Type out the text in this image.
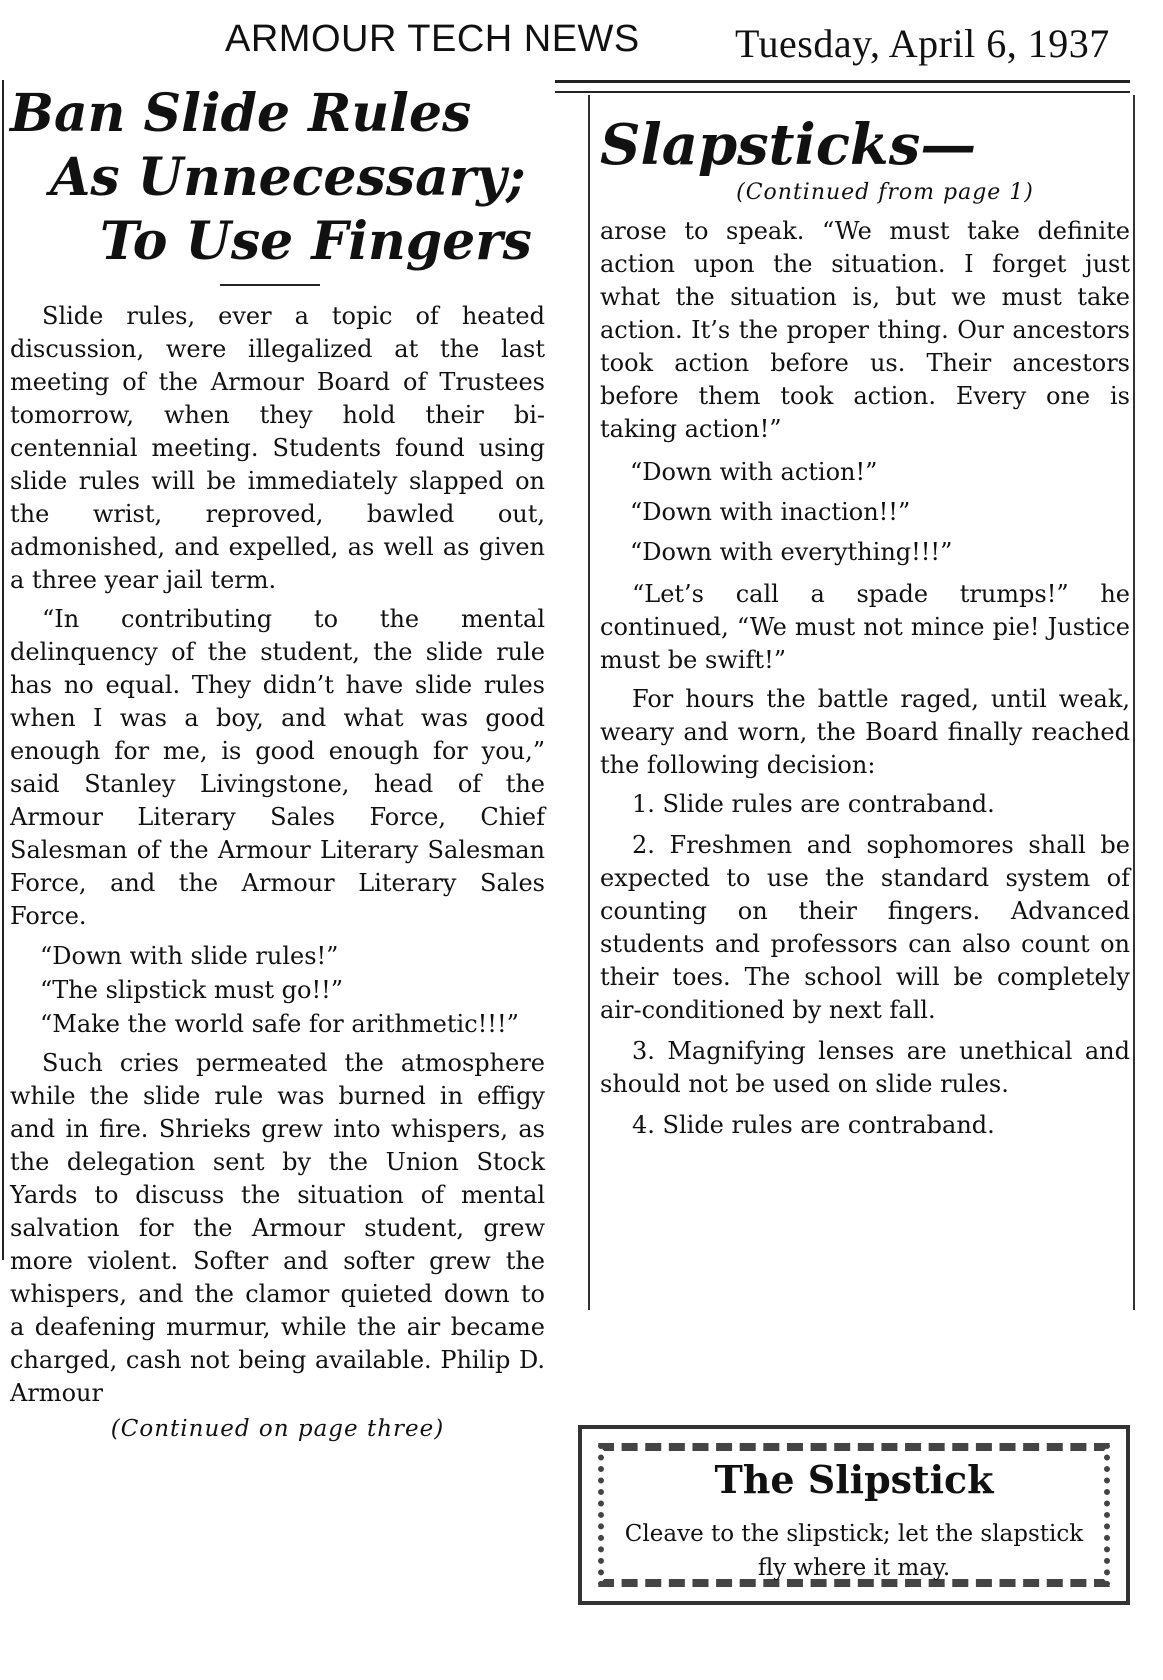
ARMOUR TECH NEWS Tuesday, April 6, 1937
Ban Slide Rules
As Unnecessary;
To Use Fingers

Slide rules, ever a topic of heated discussion, were illegalized at the last meeting of the Armour Board of Trustees tomorrow, when they hold their bi-centennial meeting. Students found using slide rules will be immediately slapped on the wrist, reproved, bawled out, admonished, and expelled, as well as given a three year jail term.

“In contributing to the mental delinquency of the student, the slide rule has no equal. They didn’t have slide rules when I was a boy, and what was good enough for me, is good enough for you,” said Stanley Livingstone, head of the Armour Literary Sales Force, Chief Salesman of the Armour Literary Salesman Force, and the Armour Literary Sales Force.

“Down with slide rules!”

“The slipstick must go!!”

“Make the world safe for arithmetic!!!”

Such cries permeated the atmosphere while the slide rule was burned in effigy and in fire. Shrieks grew into whispers, as the delegation sent by the Union Stock Yards to discuss the situation of mental salvation for the Armour student, grew more violent. Softer and softer grew the whispers, and the clamor quieted down to a deafening murmur, while the air became charged, cash not being available. Philip D. Armour

(Continued on page three)
Slapsticks—
(Continued from page 1)

arose to speak. “We must take definite action upon the situation. I forget just what the situation is, but we must take action. It’s the proper thing. Our ancestors took action before us. Their ancestors before them took action. Every one is taking action!”

“Down with action!”

“Down with inaction!!”

“Down with everything!!!”

“Let’s call a spade trumps!” he continued, “We must not mince pie! Justice must be swift!”

For hours the battle raged, until weak, weary and worn, the Board finally reached the following decision:

1. Slide rules are contraband.

2. Freshmen and sophomores shall be expected to use the standard system of counting on their fingers. Advanced students and professors can also count on their toes. The school will be completely air-conditioned by next fall.

3. Magnifying lenses are unethical and should not be used on slide rules.

4. Slide rules are contraband.

The Slipstick
Cleave to the slipstick; let the slapstick fly where it may.
